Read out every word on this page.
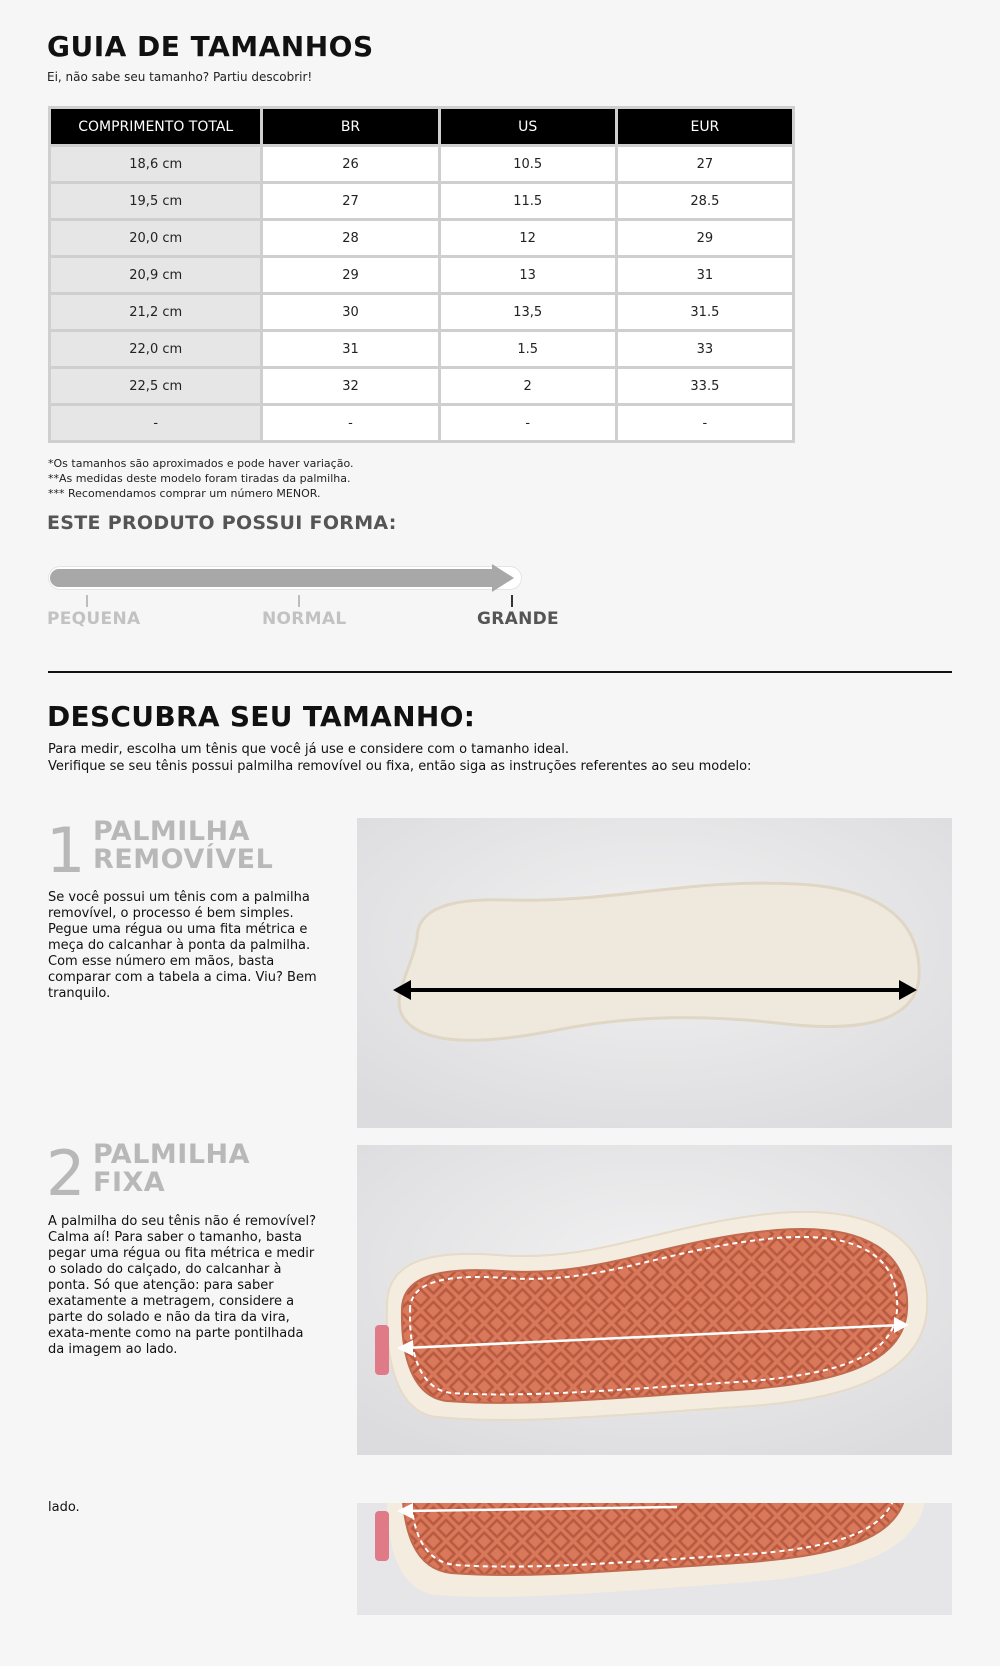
GUIA DE TAMANHOS
Ei, não sabe seu tamanho? Partiu descobrir!
COMPRIMENTO TOTAL	BR	US	EUR
18,6 cm	26	10.5	27
19,5 cm	27	11.5	28.5
20,0 cm	28	12	29
20,9 cm	29	13	31
21,2 cm	30	13,5	31.5
22,0 cm	31	1.5	33
22,5 cm	32	2	33.5
-	-	-	-
*Os tamanhos são aproximados e pode haver variação.
**As medidas deste modelo foram tiradas da palmilha.
*** Recomendamos comprar um número MENOR.
ESTE PRODUTO POSSUI FORMA:
PEQUENA	NORMAL	GRANDE
DESCUBRA SEU TAMANHO:
Para medir, escolha um tênis que você já use e considere com o tamanho ideal.
Verifique se seu tênis possui palmilha removível ou fixa, então siga as instruções referentes ao seu modelo:
1 PALMILHA
REMOVÍVEL
Se você possui um tênis com a palmilha removível, o processo é bem simples. Pegue uma régua ou uma fita métrica e meça do calcanhar à ponta da palmilha. Com esse número em mãos, basta comparar com a tabela a cima. Viu? Bem tranquilo.
2 PALMILHA
FIXA
A palmilha do seu tênis não é removível? Calma aí! Para saber o tamanho, basta pegar uma régua ou fita métrica e medir o solado do calçado, do calcanhar à ponta. Só que atenção: para saber exatamente a metragem, considere a parte do solado e não da tira da vira, exata-mente como na parte pontilhada da imagem ao lado.
lado.
